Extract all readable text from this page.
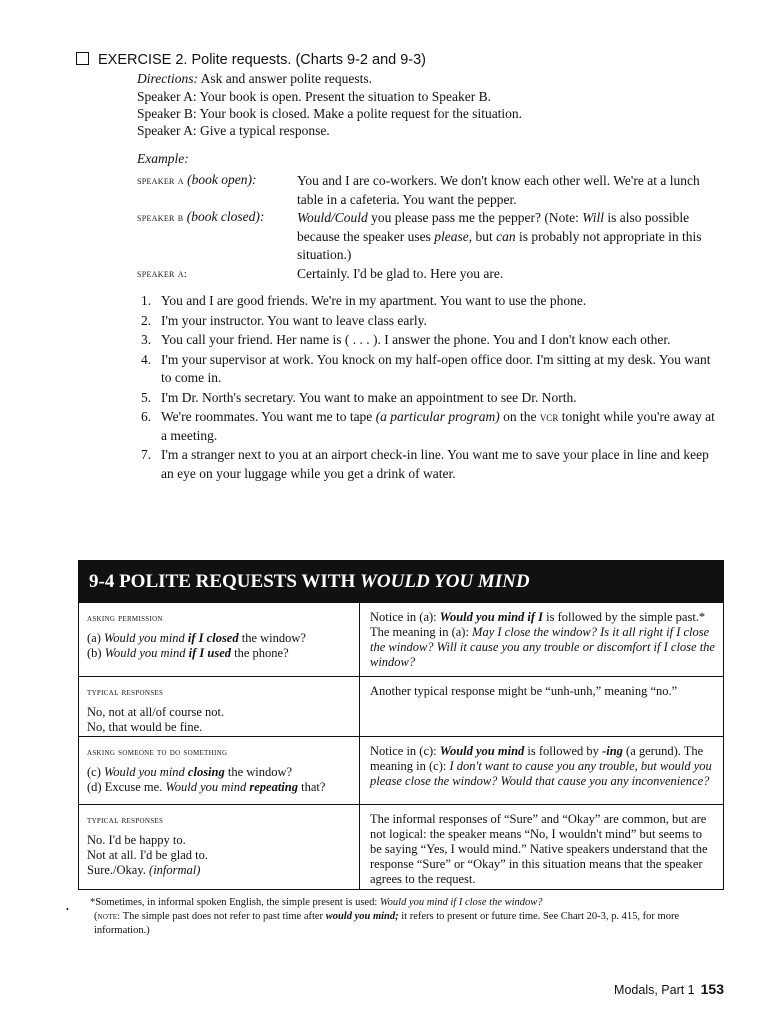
EXERCISE 2. Polite requests. (Charts 9-2 and 9-3)
Directions: Ask and answer polite requests.
Speaker A: Your book is open. Present the situation to Speaker B.
Speaker B: Your book is closed. Make a polite request for the situation.
Speaker A: Give a typical response.
Example:
speaker a (book open):	You and I are co-workers. We don't know each other well. We're at a lunch table in a cafeteria. You want the pepper.
speaker b (book closed): Would/Could you please pass me the pepper? (Note: Will is also possible because the speaker uses please, but can is probably not appropriate in this situation.)
speaker a:	Certainly. I'd be glad to. Here you are.
1. You and I are good friends. We're in my apartment. You want to use the phone.
2. I'm your instructor. You want to leave class early.
3. You call your friend. Her name is ( . . . ). I answer the phone. You and I don't know each other.
4. I'm your supervisor at work. You knock on my half-open office door. I'm sitting at my desk. You want to come in.
5. I'm Dr. North's secretary. You want to make an appointment to see Dr. North.
6. We're roommates. You want me to tape (a particular program) on the vcr tonight while you're away at a meeting.
7. I'm a stranger next to you at an airport check-in line. You want me to save your place in line and keep an eye on your luggage while you get a drink of water.
9-4 POLITE REQUESTS WITH WOULD YOU MIND
asking permission
(a) Would you mind if I closed the window?
(b) Would you mind if I used the phone?
Notice in (a): Would you mind if I is followed by the simple past.* The meaning in (a): May I close the window? Is it all right if I close the window? Will it cause you any trouble or discomfort if I close the window?
typical responses
No, not at all/of course not.
No, that would be fine.
Another typical response might be “unh-unh,” meaning “no.”
asking someone to do something
(c) Would you mind closing the window?
(d) Excuse me. Would you mind repeating that?
Notice in (c): Would you mind is followed by -ing (a gerund). The meaning in (c): I don't want to cause you any trouble, but would you please close the window? Would that cause you any inconvenience?
typical responses
No. I'd be happy to.
Not at all. I'd be glad to.
Sure./Okay. (informal)
The informal responses of “Sure” and “Okay” are common, but are not logical: the speaker means “No, I wouldn't mind” but seems to be saying “Yes, I would mind.” Native speakers understand that the response “Sure” or “Okay” in this situation means that the speaker agrees to the request.
•
*Sometimes, in informal spoken English, the simple present is used: Would you mind if I close the window?
(note: The simple past does not refer to past time after would you mind; it refers to present or future time. See Chart 20-3, p. 415, for more information.)
Modals, Part 1 153
